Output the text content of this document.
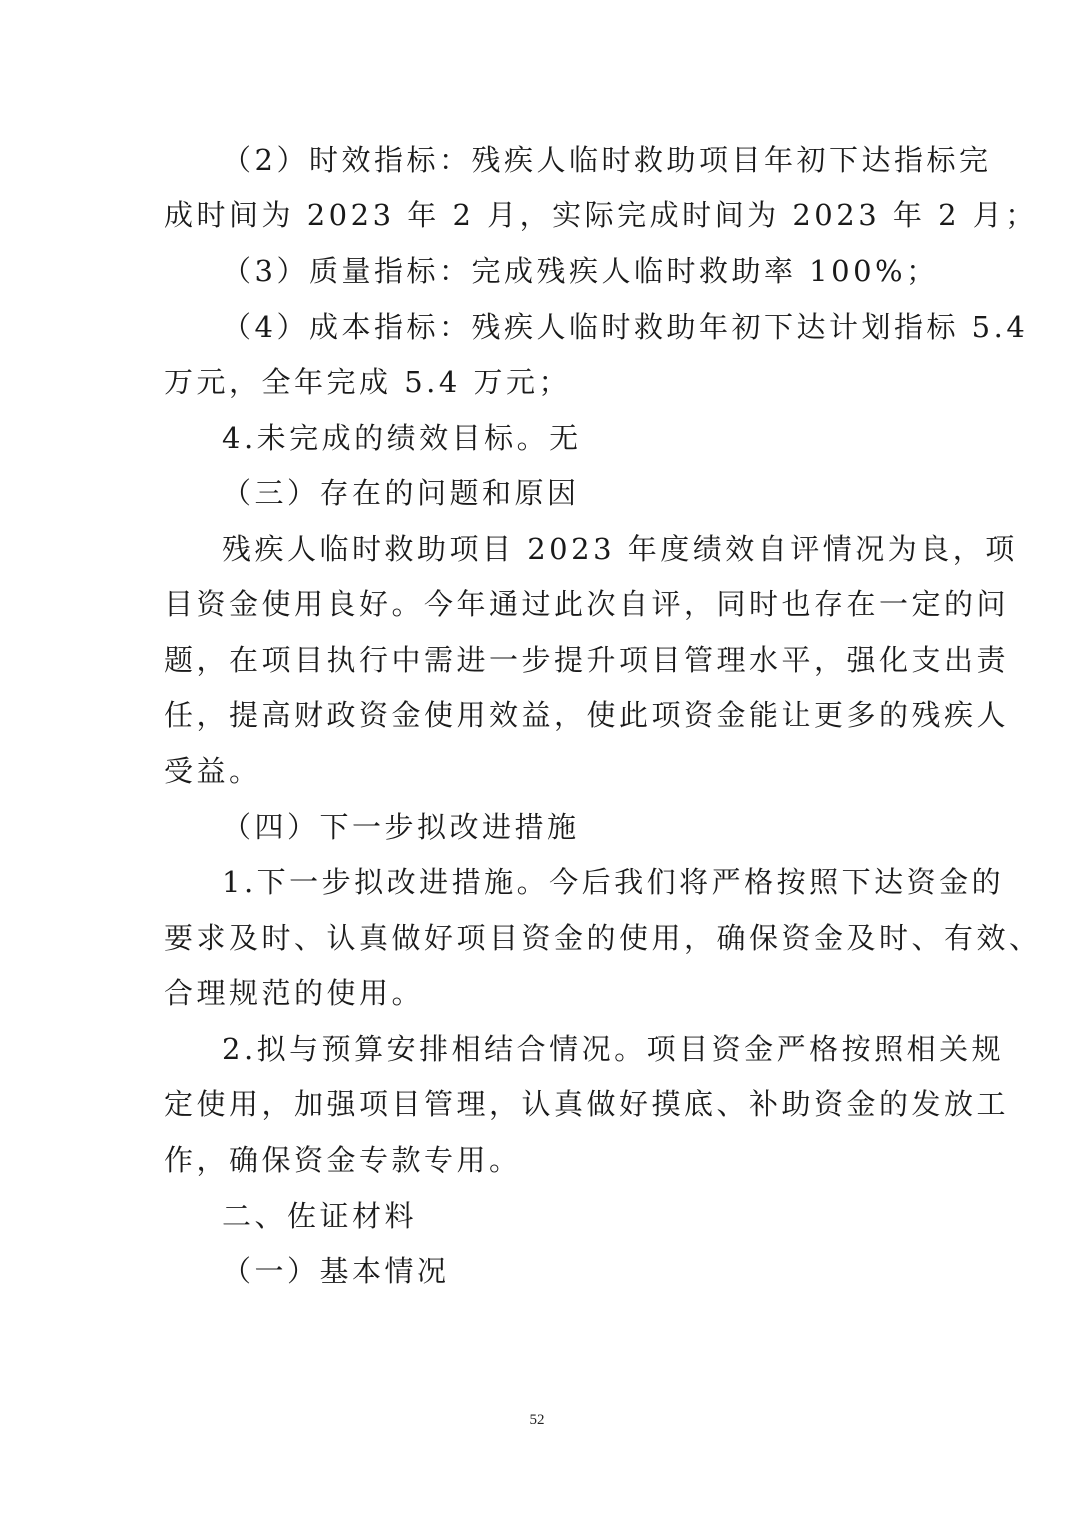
（2）时效指标：残疾人临时救助项目年初下达指标完
成时间为 2023 年 2 月，实际完成时间为 2023 年 2 月；
（3）质量指标：完成残疾人临时救助率 100%；
（4）成本指标：残疾人临时救助年初下达计划指标 5.4
万元，全年完成 5.4 万元；
4.未完成的绩效目标。无
（三）存在的问题和原因
残疾人临时救助项目 2023 年度绩效自评情况为良，项
目资金使用良好。今年通过此次自评，同时也存在一定的问
题，在项目执行中需进一步提升项目管理水平，强化支出责
任，提高财政资金使用效益，使此项资金能让更多的残疾人
受益。
（四）下一步拟改进措施
1.下一步拟改进措施。今后我们将严格按照下达资金的
要求及时、认真做好项目资金的使用，确保资金及时、有效、
合理规范的使用。
2.拟与预算安排相结合情况。项目资金严格按照相关规
定使用，加强项目管理，认真做好摸底、补助资金的发放工
作，确保资金专款专用。
二、佐证材料
（一）基本情况
52
